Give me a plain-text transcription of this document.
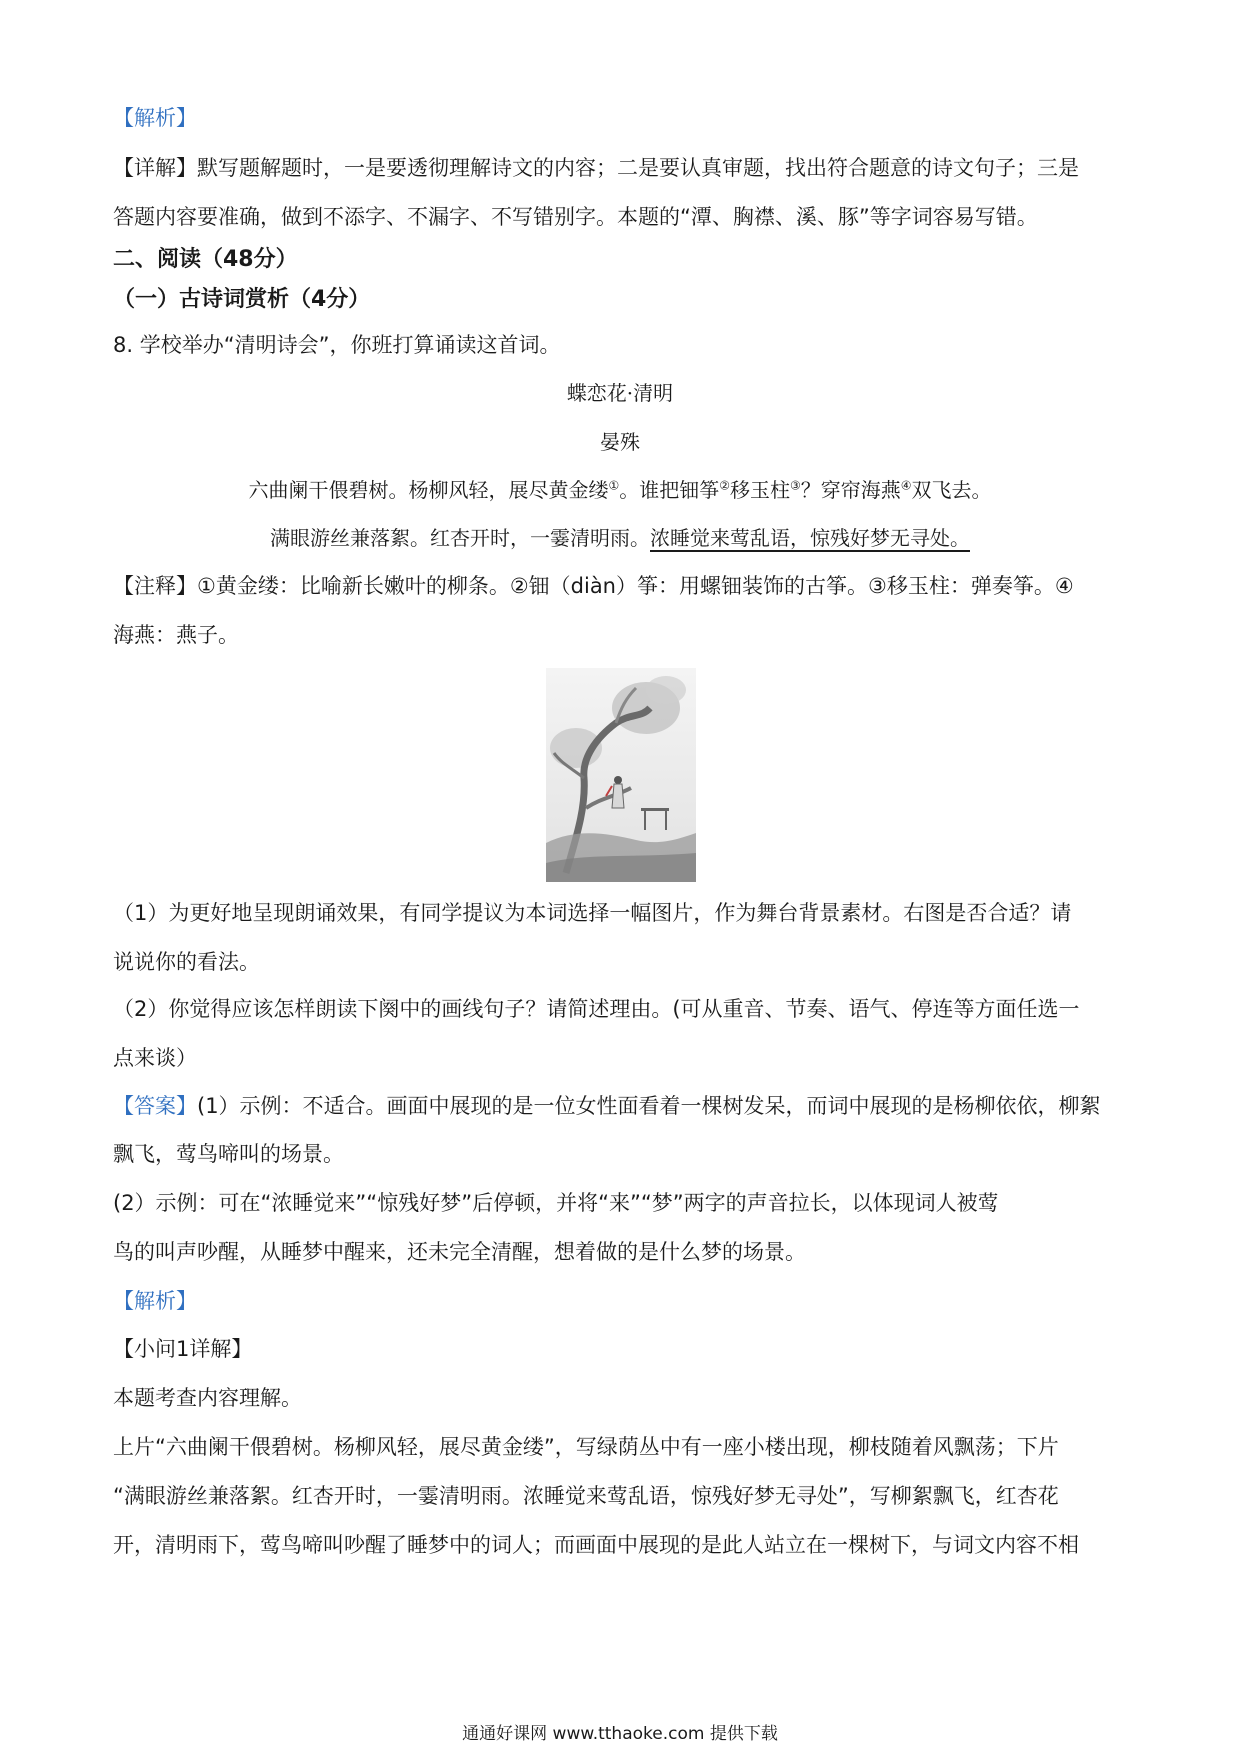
【解析】
【详解】默写题解题时，一是要透彻理解诗文的内容；二是要认真审题，找出符合题意的诗文句子；三是
答题内容要准确，做到不添字、不漏字、不写错别字。本题的“潭、胸襟、溪、豚”等字词容易写错。
二、阅读（48分）
（一）古诗词赏析（4分）
8. 学校举办“清明诗会”，你班打算诵读这首词。
蝶恋花·清明
晏殊
六曲阑干偎碧树。杨柳风轻，展尽黄金缕①。谁把钿筝②移玉柱③？穿帘海燕④双飞去。
满眼游丝兼落絮。红杏开时，一霎清明雨。浓睡觉来莺乱语，惊残好梦无寻处。
【注释】①黄金缕：比喻新长嫩叶的柳条。②钿（diàn）筝：用螺钿装饰的古筝。③移玉柱：弹奏筝。④
海燕：燕子。
（1）为更好地呈现朗诵效果，有同学提议为本词选择一幅图片，作为舞台背景素材。右图是否合适？请
说说你的看法。
（2）你觉得应该怎样朗读下阕中的画线句子？请简述理由。(可从重音、节奏、语气、停连等方面任选一
点来谈）
【答案】(1）示例：不适合。画面中展现的是一位女性面看着一棵树发呆，而词中展现的是杨柳依依，柳絮
飘飞，莺鸟啼叫的场景。
(2）示例：可在“浓睡觉来”“惊残好梦”后停顿，并将“来”“梦”两字的声音拉长，以体现词人被莺
鸟的叫声吵醒，从睡梦中醒来，还未完全清醒，想着做的是什么梦的场景。
【解析】
【小问1详解】
本题考查内容理解。
上片“六曲阑干偎碧树。杨柳风轻，展尽黄金缕”，写绿荫丛中有一座小楼出现，柳枝随着风飘荡；下片
“满眼游丝兼落絮。红杏开时，一霎清明雨。浓睡觉来莺乱语，惊残好梦无寻处”，写柳絮飘飞，红杏花
开，清明雨下，莺鸟啼叫吵醒了睡梦中的词人；而画面中展现的是此人站立在一棵树下，与词文内容不相
通通好课网 www.tthaoke.com 提供下载
